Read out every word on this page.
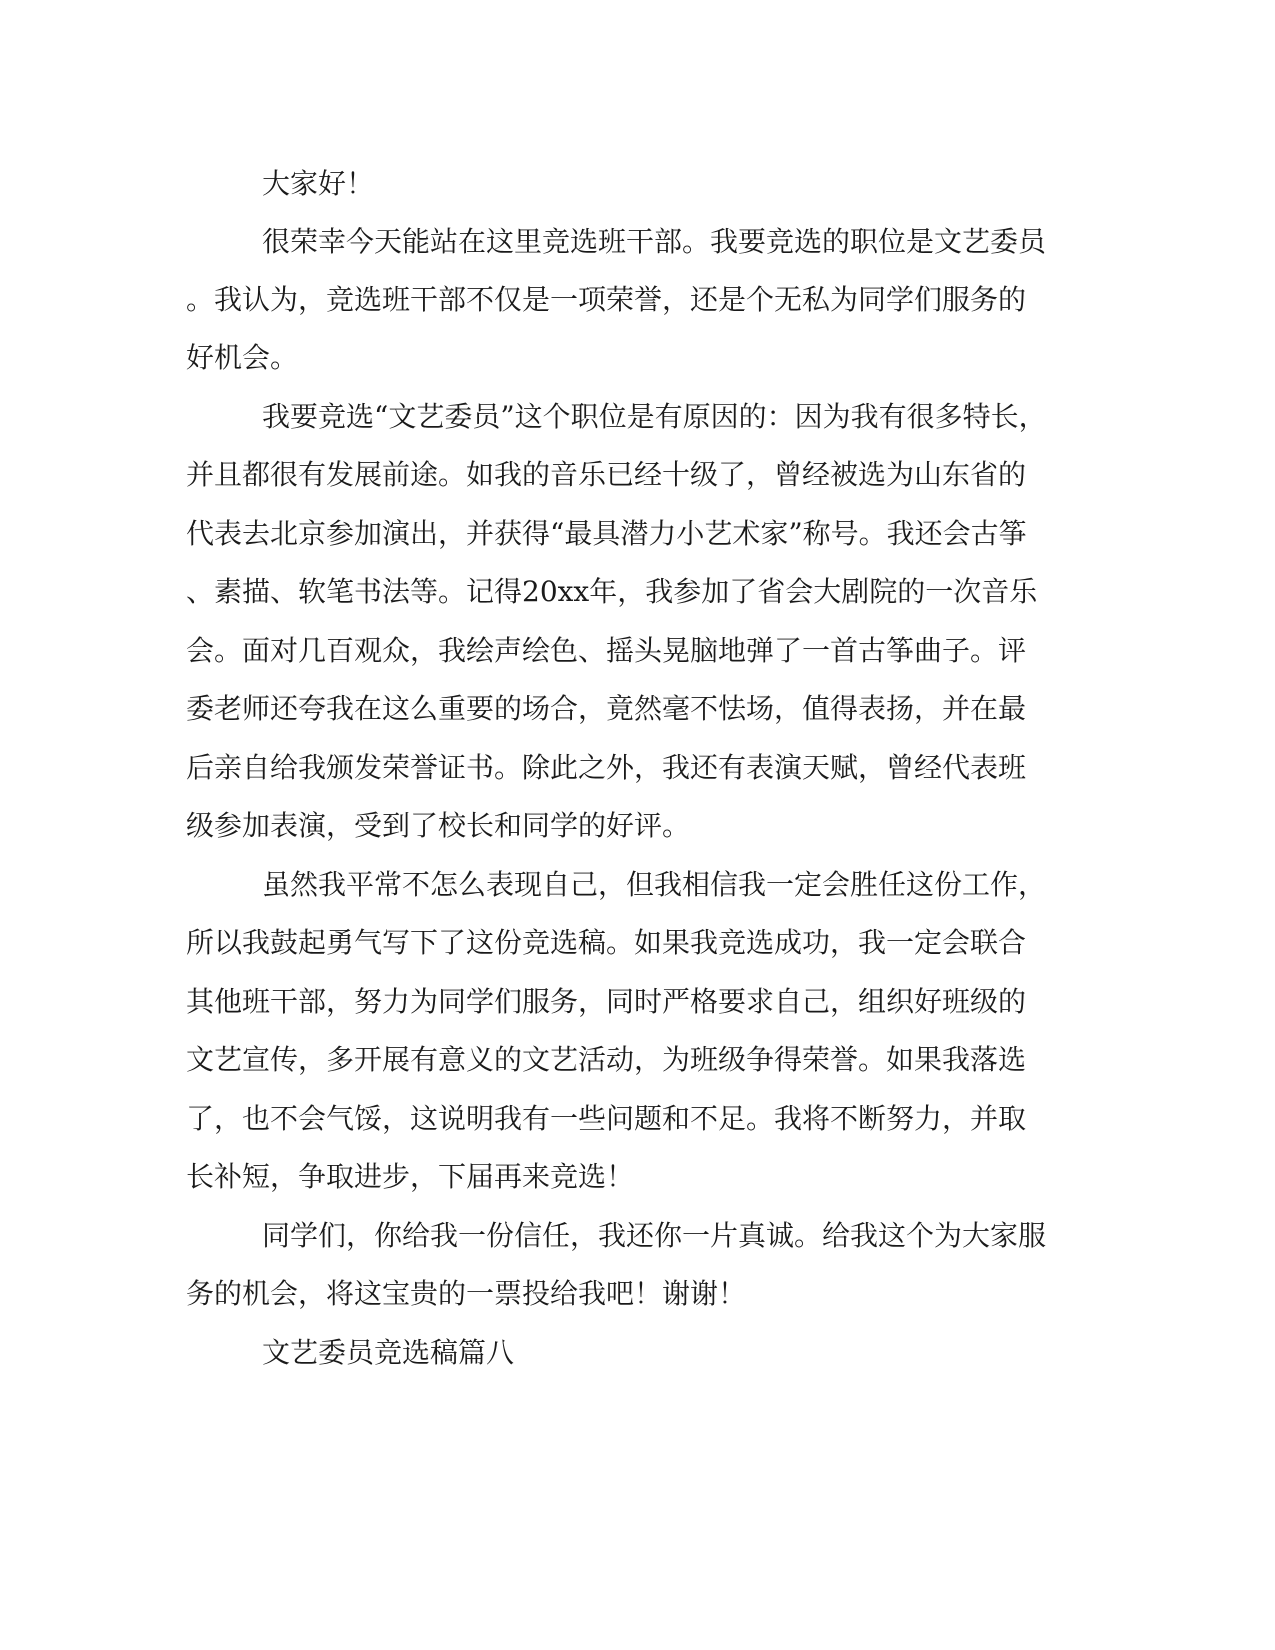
大家好！
很荣幸今天能站在这里竞选班干部。我要竞选的职位是文艺委员
。我认为，竞选班干部不仅是一项荣誉，还是个无私为同学们服务的
好机会。
我要竞选“文艺委员”这个职位是有原因的：因为我有很多特长，
并且都很有发展前途。如我的音乐已经十级了，曾经被选为山东省的
代表去北京参加演出，并获得“最具潜力小艺术家”称号。我还会古筝
、素描、软笔书法等。记得20xx年，我参加了省会大剧院的一次音乐
会。面对几百观众，我绘声绘色、摇头晃脑地弹了一首古筝曲子。评
委老师还夸我在这么重要的场合，竟然毫不怯场，值得表扬，并在最
后亲自给我颁发荣誉证书。除此之外，我还有表演天赋，曾经代表班
级参加表演，受到了校长和同学的好评。
虽然我平常不怎么表现自己，但我相信我一定会胜任这份工作，
所以我鼓起勇气写下了这份竞选稿。如果我竞选成功，我一定会联合
其他班干部，努力为同学们服务，同时严格要求自己，组织好班级的
文艺宣传，多开展有意义的文艺活动，为班级争得荣誉。如果我落选
了，也不会气馁，这说明我有一些问题和不足。我将不断努力，并取
长补短，争取进步，下届再来竞选！
同学们，你给我一份信任，我还你一片真诚。给我这个为大家服
务的机会，将这宝贵的一票投给我吧！谢谢！
文艺委员竞选稿篇八
